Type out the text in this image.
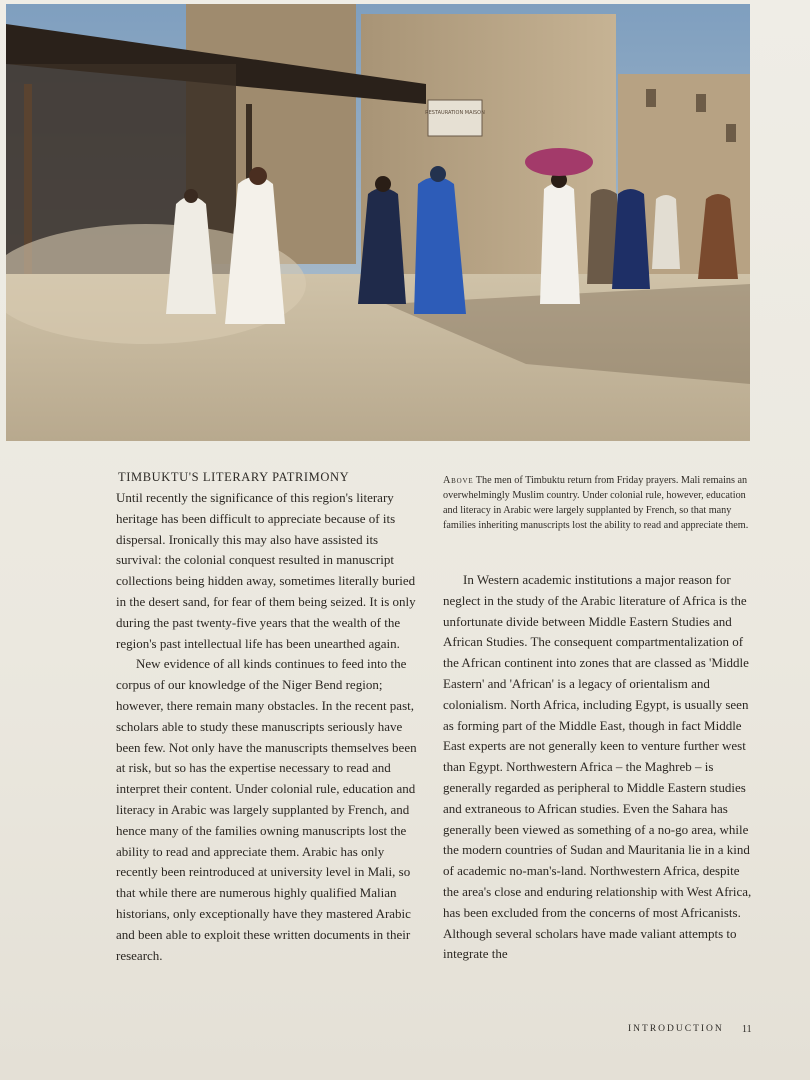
RESTAURATION MAISON
TIMBUKTU'S LITERARY PATRIMONY

Until recently the significance of this region's literary heritage has been difficult to appreciate because of its dispersal. Ironically this may also have assisted its survival: the colonial conquest resulted in manuscript collections being hidden away, sometimes literally buried in the desert sand, for fear of them being seized. It is only during the past twenty-five years that the wealth of the region's past intellectual life has been unearthed again.

New evidence of all kinds continues to feed into the corpus of our knowledge of the Niger Bend region; however, there remain many obstacles. In the recent past, scholars able to study these manuscripts seriously have been few. Not only have the manuscripts themselves been at risk, but so has the expertise necessary to read and interpret their content. Under colonial rule, education and literacy in Arabic was largely supplanted by French, and hence many of the families owning manuscripts lost the ability to read and appreciate them. Arabic has only recently been reintroduced at university level in Mali, so that while there are numerous highly qualified Malian historians, only exceptionally have they mastered Arabic and been able to exploit these written documents in their research.

Above The men of Timbuktu return from Friday prayers. Mali remains an overwhelmingly Muslim country. Under colonial rule, however, education and literacy in Arabic were largely supplanted by French, so that many families inheriting manuscripts lost the ability to read and appreciate them.

In Western academic institutions a major reason for neglect in the study of the Arabic literature of Africa is the unfortunate divide between Middle Eastern Studies and African Studies. The consequent compartmentalization of the African continent into zones that are classed as 'Middle Eastern' and 'African' is a legacy of orientalism and colonialism. North Africa, including Egypt, is usually seen as forming part of the Middle East, though in fact Middle East experts are not generally keen to venture further west than Egypt. Northwestern Africa – the Maghreb – is generally regarded as peripheral to Middle Eastern studies and extraneous to African studies. Even the Sahara has generally been viewed as something of a no-go area, while the modern countries of Sudan and Mauritania lie in a kind of academic no-man's-land. Northwestern Africa, despite the area's close and enduring relationship with West Africa, has been excluded from the concerns of most Africanists. Although several scholars have made valiant attempts to integrate the

INTRODUCTION 11
